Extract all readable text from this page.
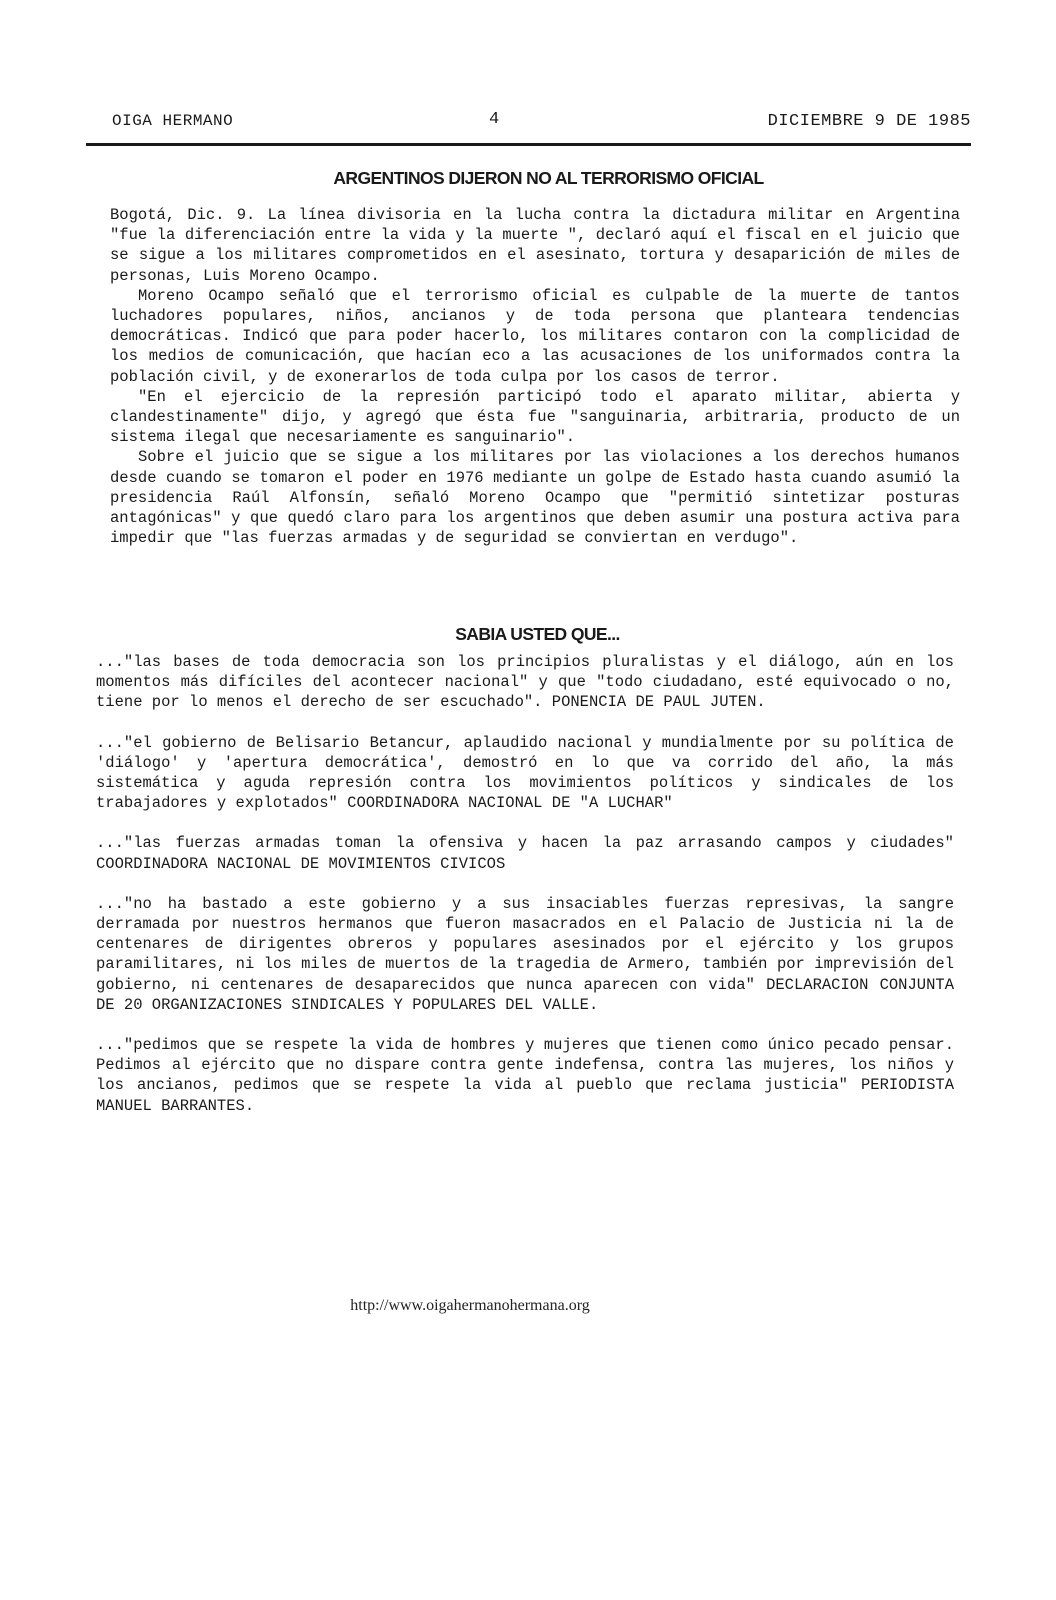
OIGA HERMANO	4	DICIEMBRE 9 DE 1985
ARGENTINOS DIJERON NO AL TERRORISMO OFICIAL

Bogotá, Dic. 9. La línea divisoria en la lucha contra la dictadura militar en Argentina "fue la diferenciación entre la vida y la muerte ", declaró aquí el fiscal en el juicio que se sigue a los militares comprometidos en el asesinato, tortura y desaparición de miles de personas, Luis Moreno Ocampo.

Moreno Ocampo señaló que el terrorismo oficial es culpable de la muerte de tantos luchadores populares, niños, ancianos y de toda persona que planteara tendencias democráticas. Indicó que para poder hacerlo, los militares contaron con la complicidad de los medios de comunicación, que hacían eco a las acusaciones de los uniformados contra la población civil, y de exonerarlos de toda culpa por los casos de terror.

"En el ejercicio de la represión participó todo el aparato militar, abierta y clandestinamente" dijo, y agregó que ésta fue "sanguinaria, arbitraria, producto de un sistema ilegal que necesariamente es sanguinario".

Sobre el juicio que se sigue a los militares por las violaciones a los derechos humanos desde cuando se tomaron el poder en 1976 mediante un golpe de Estado hasta cuando asumió la presidencia Raúl Alfonsín, señaló Moreno Ocampo que "permitió sintetizar posturas antagónicas" y que quedó claro para los argentinos que deben asumir una postura activa para impedir que "las fuerzas armadas y de seguridad se conviertan en verdugo".

SABIA USTED QUE...

..."las bases de toda democracia son los principios pluralistas y el diálogo, aún en los momentos más difíciles del acontecer nacional" y que "todo ciudadano, esté equivocado o no, tiene por lo menos el derecho de ser escuchado". PONENCIA DE PAUL JUTEN.

..."el gobierno de Belisario Betancur, aplaudido nacional y mundialmente por su política de 'diálogo' y 'apertura democrática', demostró en lo que va corrido del año, la más sistemática y aguda represión contra los movimientos políticos y sindicales de los trabajadores y explotados" COORDINADORA NACIONAL DE "A LUCHAR"

..."las fuerzas armadas toman la ofensiva y hacen la paz arrasando campos y ciudades" COORDINADORA NACIONAL DE MOVIMIENTOS CIVICOS

..."no ha bastado a este gobierno y a sus insaciables fuerzas represivas, la sangre derramada por nuestros hermanos que fueron masacrados en el Palacio de Justicia ni la de centenares de dirigentes obreros y populares asesinados por el ejército y los grupos paramilitares, ni los miles de muertos de la tragedia de Armero, también por imprevisión del gobierno, ni centenares de desaparecidos que nunca aparecen con vida" DECLARACION CONJUNTA DE 20 ORGANIZACIONES SINDICALES Y POPULARES DEL VALLE.

..."pedimos que se respete la vida de hombres y mujeres que tienen como único pecado pensar. Pedimos al ejército que no dispare contra gente indefensa, contra las mujeres, los niños y los ancianos, pedimos que se respete la vida al pueblo que reclama justicia" PERIODISTA MANUEL BARRANTES.

http://www.oigahermanohermana.org
